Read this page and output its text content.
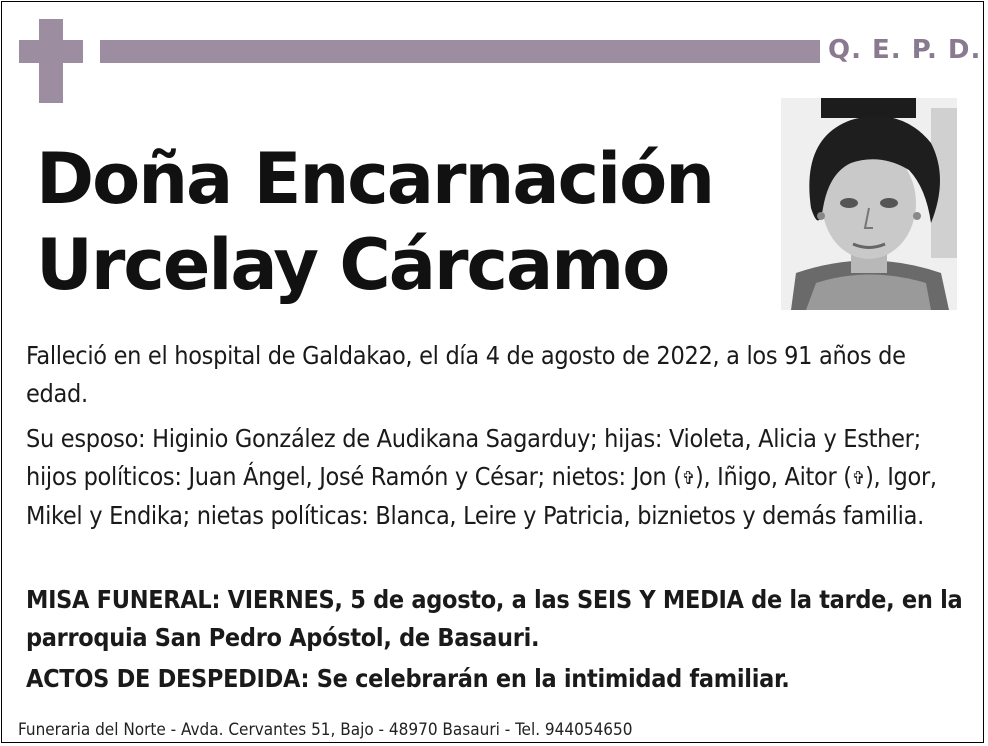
Q. E. P. D.
Doña Encarnación
Urcelay Cárcamo

Falleció en el hospital de Galdakao, el día 4 de agosto de 2022, a los 91 años de edad.

Su esposo: Higinio González de Audikana Sagarduy; hijas: Violeta, Alicia y Esther; hijos políticos: Juan Ángel, José Ramón y César; nietos: Jon (✞), Iñigo, Aitor (✞), Igor, Mikel y Endika; nietas políticas: Blanca, Leire y Patricia, biznietos y demás familia.

MISA FUNERAL: VIERNES, 5 de agosto, a las SEIS Y MEDIA de la tarde, en la parroquia San Pedro Apóstol, de Basauri.

ACTOS DE DESPEDIDA: Se celebrarán en la intimidad familiar.

Funeraria del Norte - Avda. Cervantes 51, Bajo - 48970 Basauri - Tel. 944054650
